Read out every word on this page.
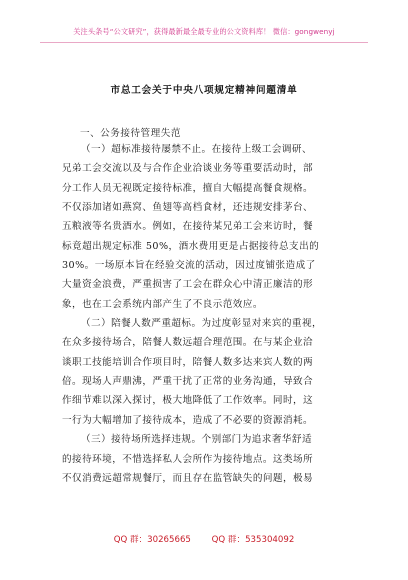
关注头条号“公文研究”，获得最新最全最专业的公文资料库！ 微信：gongwenyj
市总工会关于中央八项规定精神问题清单
一、公务接待管理失范
（一）超标准接待屡禁不止。在接待上级工会调研、
兄弟工会交流以及与合作企业洽谈业务等重要活动时，部
分工作人员无视既定接待标准，擅自大幅提高餐食规格。
不仅添加诸如燕窝、鱼翅等高档食材，还违规安排茅台、
五粮液等名贵酒水。例如，在接待某兄弟工会来访时，餐
标竟超出规定标准 50%，酒水费用更是占据接待总支出的
30%。一场原本旨在经验交流的活动，因过度铺张造成了
大量资金浪费，严重损害了工会在群众心中清正廉洁的形
象，也在工会系统内部产生了不良示范效应。
（二）陪餐人数严重超标。为过度彰显对来宾的重视，
在众多接待场合，陪餐人数远超合理范围。在与某企业洽
谈职工技能培训合作项目时，陪餐人数多达来宾人数的两
倍。现场人声鼎沸，严重干扰了正常的业务沟通，导致合
作细节难以深入探讨，极大地降低了工作效率。同时，这
一行为大幅增加了接待成本，造成了不必要的资源消耗。
（三）接待场所选择违规。个别部门为追求奢华舒适
的接待环境，不惜选择私人会所作为接待地点。这类场所
不仅消费远超常规餐厅，而且存在监管缺失的问题，极易
QQ 群：30265665 QQ 群：535304092
